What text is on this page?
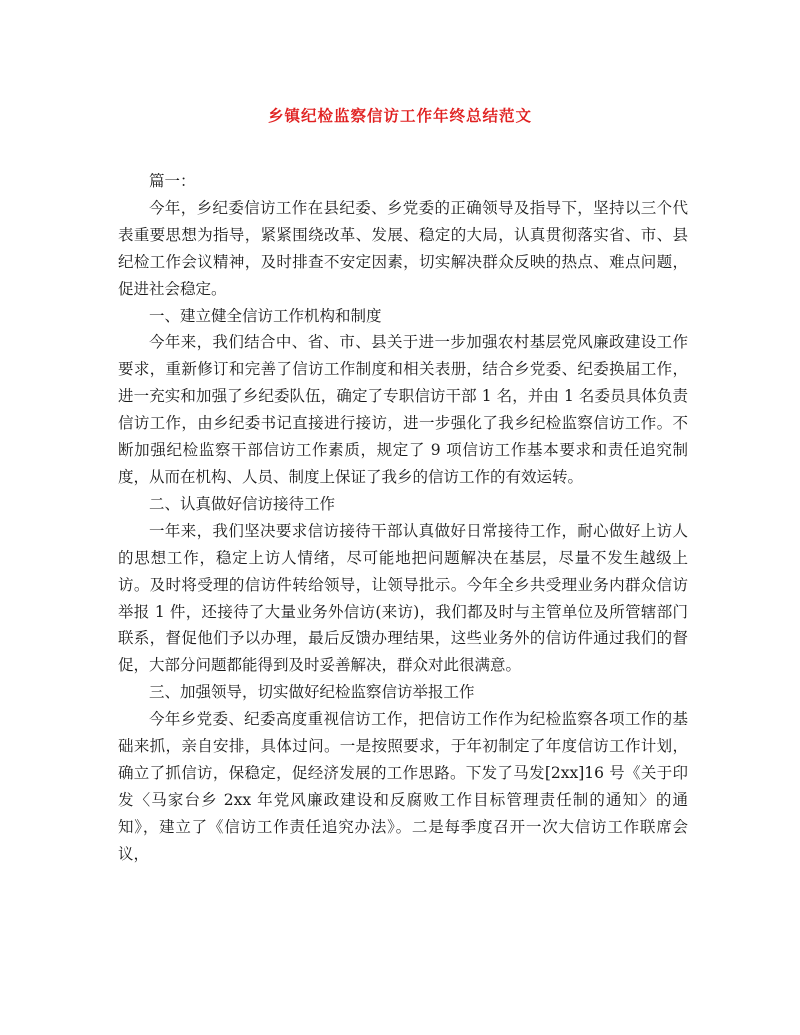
乡镇纪检监察信访工作年终总结范文

篇一：

今年，乡纪委信访工作在县纪委、乡党委的正确领导及指导下，坚持以三个代表重要思想为指导，紧紧围绕改革、发展、稳定的大局，认真贯彻落实省、市、县纪检工作会议精神，及时排查不安定因素，切实解决群众反映的热点、难点问题，促进社会稳定。

一、建立健全信访工作机构和制度

今年来，我们结合中、省、市、县关于进一步加强农村基层党风廉政建设工作要求，重新修订和完善了信访工作制度和相关表册，结合乡党委、纪委换届工作，进一充实和加强了乡纪委队伍，确定了专职信访干部 1 名，并由 1 名委员具体负责信访工作，由乡纪委书记直接进行接访，进一步强化了我乡纪检监察信访工作。不断加强纪检监察干部信访工作素质，规定了 9 项信访工作基本要求和责任追究制度，从而在机构、人员、制度上保证了我乡的信访工作的有效运转。

二、认真做好信访接待工作

一年来，我们坚决要求信访接待干部认真做好日常接待工作，耐心做好上访人的思想工作，稳定上访人情绪，尽可能地把问题解决在基层，尽量不发生越级上访。及时将受理的信访件转给领导，让领导批示。今年全乡共受理业务内群众信访举报 1 件，还接待了大量业务外信访(来访)，我们都及时与主管单位及所管辖部门联系，督促他们予以办理，最后反馈办理结果，这些业务外的信访件通过我们的督促，大部分问题都能得到及时妥善解决，群众对此很满意。

三、加强领导，切实做好纪检监察信访举报工作

今年乡党委、纪委高度重视信访工作，把信访工作作为纪检监察各项工作的基础来抓，亲自安排，具体过问。一是按照要求，于年初制定了年度信访工作计划，确立了抓信访，保稳定，促经济发展的工作思路。下发了马发[2xx]16 号《关于印发〈马家台乡 2xx 年党风廉政建设和反腐败工作目标管理责任制的通知〉的通知》，建立了《信访工作责任追究办法》。二是每季度召开一次大信访工作联席会议，
